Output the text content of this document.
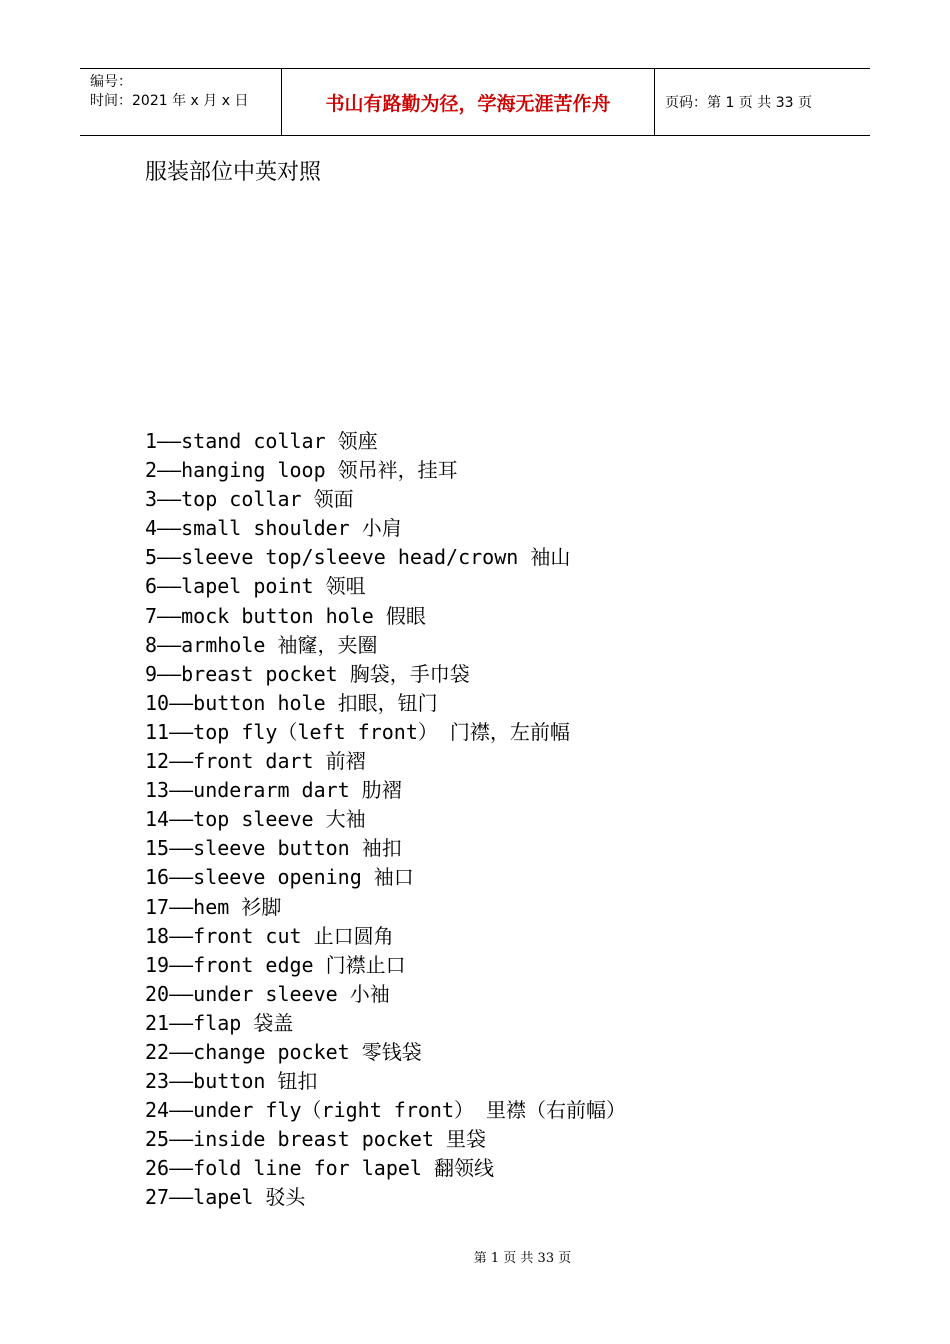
编号：
时间：2021 年 x 月 x 日	书山有路勤为径，学海无涯苦作舟	页码：第 1 页 共 33 页
服装部位中英对照
1——stand collar 领座
2——hanging loop 领吊袢，挂耳
3——top collar 领面
4——small shoulder 小肩
5——sleeve top/sleeve head/crown 袖山
6——lapel point 领咀
7——mock button hole 假眼
8——armhole 袖窿，夹圈
9——breast pocket 胸袋，手巾袋
10——button hole 扣眼，钮门
11——top fly（left front） 门襟，左前幅
12——front dart 前褶
13——underarm dart 肋褶
14——top sleeve 大袖
15——sleeve button 袖扣
16——sleeve opening 袖口
17——hem 衫脚
18——front cut 止口圆角
19——front edge 门襟止口
20——under sleeve 小袖
21——flap 袋盖
22——change pocket 零钱袋
23——button 钮扣
24——under fly（right front） 里襟（右前幅）
25——inside breast pocket 里袋
26——fold line for lapel 翻领线
27——lapel 驳头
第 1 页 共 33 页
